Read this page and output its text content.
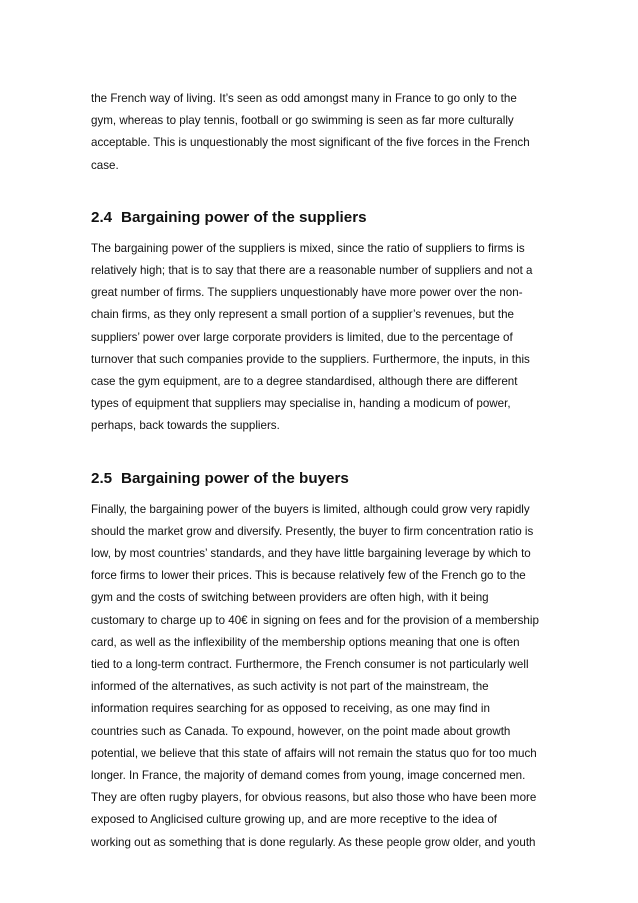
the French way of living. It’s seen as odd amongst many in France to go only to the
gym, whereas to play tennis, football or go swimming is seen as far more culturally
acceptable. This is unquestionably the most significant of the five forces in the French
case.

2.4 Bargaining power of the suppliers

The bargaining power of the suppliers is mixed, since the ratio of suppliers to firms is
relatively high; that is to say that there are a reasonable number of suppliers and not a
great number of firms. The suppliers unquestionably have more power over the non-
chain firms, as they only represent a small portion of a supplier’s revenues, but the
suppliers’ power over large corporate providers is limited, due to the percentage of
turnover that such companies provide to the suppliers. Furthermore, the inputs, in this
case the gym equipment, are to a degree standardised, although there are different
types of equipment that suppliers may specialise in, handing a modicum of power,
perhaps, back towards the suppliers.

2.5 Bargaining power of the buyers

Finally, the bargaining power of the buyers is limited, although could grow very rapidly
should the market grow and diversify. Presently, the buyer to firm concentration ratio is
low, by most countries’ standards, and they have little bargaining leverage by which to
force firms to lower their prices. This is because relatively few of the French go to the
gym and the costs of switching between providers are often high, with it being
customary to charge up to 40€ in signing on fees and for the provision of a membership
card, as well as the inflexibility of the membership options meaning that one is often
tied to a long-term contract. Furthermore, the French consumer is not particularly well
informed of the alternatives, as such activity is not part of the mainstream, the
information requires searching for as opposed to receiving, as one may find in
countries such as Canada. To expound, however, on the point made about growth
potential, we believe that this state of affairs will not remain the status quo for too much
longer. In France, the majority of demand comes from young, image concerned men.
They are often rugby players, for obvious reasons, but also those who have been more
exposed to Anglicised culture growing up, and are more receptive to the idea of
working out as something that is done regularly. As these people grow older, and youth
